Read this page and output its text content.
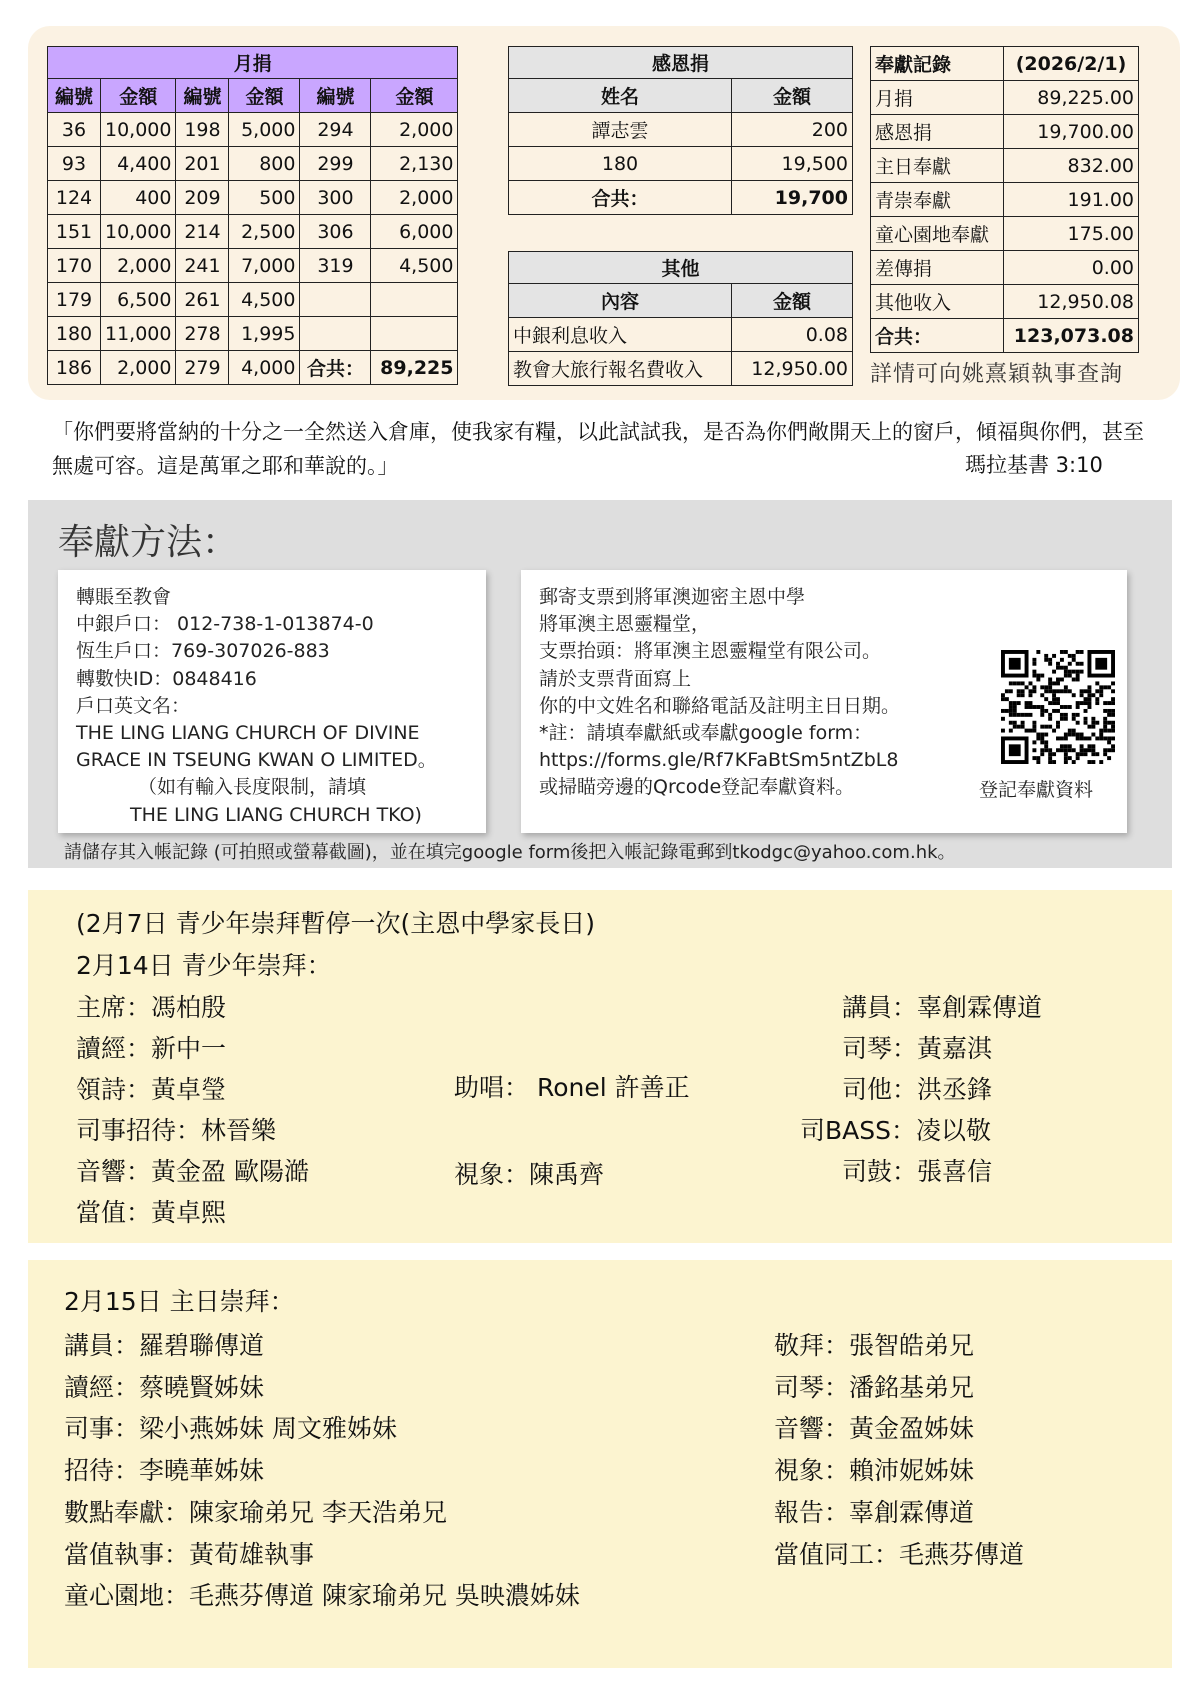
月捐					
編號	金額	編號	金額	編號	金額
36	10,000	198	5,000	294	2,000
93	4,400	201	800	299	2,130
124	400	209	500	300	2,000
151	10,000	214	2,500	306	6,000
170	2,000	241	7,000	319	4,500
179	6,500	261	4,500		
180	11,000	278	1,995		
186	2,000	279	4,000	合共：	89,225
感恩捐	
姓名	金額
譚志雲	200
180	19,500
合共：	19,700
其他	
內容	金額
中銀利息收入	0.08
教會大旅行報名費收入	12,950.00
奉獻記錄	(2026/2/1)
月捐	89,225.00
感恩捐	19,700.00
主日奉獻	832.00
青崇奉獻	191.00
童心園地奉獻	175.00
差傳捐	0.00
其他收入	12,950.08
合共：	123,073.08
詳情可向姚熹穎執事查詢
「你們要將當納的十分之一全然送入倉庫，使我家有糧，以此試試我，是否為你們敞開天上的窗戶，傾福與你們，甚至無處可容。這是萬軍之耶和華說的。」	瑪拉基書 3:10
奉獻方法：
轉賬至教會
中銀戶口： 012-738-1-013874-0
恆生戶口：769-307026-883
轉數快ID：0848416
戶口英文名：
THE LING LIANG CHURCH OF DIVINE
GRACE IN TSEUNG KWAN O LIMITED。
（如有輸入長度限制，請填
THE LING LIANG CHURCH TKO)
郵寄支票到將軍澳迦密主恩中學
將軍澳主恩靈糧堂，
支票抬頭：將軍澳主恩靈糧堂有限公司。
請於支票背面寫上
你的中文姓名和聯絡電話及註明主日日期。
*註：請填奉獻紙或奉獻google form：
https://forms.gle/Rf7KFaBtSm5ntZbL8
或掃瞄旁邊的Qrcode登記奉獻資料。	登記奉獻資料
請儲存其入帳記錄 (可拍照或螢幕截圖)，並在填完google form後把入帳記錄電郵到tkodgc@yahoo.com.hk。
(2月7日 青少年崇拜暫停一次(主恩中學家長日)
2月14日 青少年崇拜：
主席：馮柏殷
讀經：新中一
領詩：黃卓瑩
司事招待：林晉樂
音響：黃金盈 歐陽澔
當值：黃卓熙
助唱： Ronel 許善正
視象：陳禹齊
講員：辜創霖傳道
司琴：黃嘉淇
司他：洪丞鋒
司BASS：凌以敬
司鼓：張喜信
2月15日 主日崇拜：
講員：羅碧聯傳道
讀經：蔡曉賢姊妹
司事：梁小燕姊妹 周文雅姊妹
招待：李曉華姊妹
數點奉獻：陳家瑜弟兄 李天浩弟兄
當值執事：黃荀雄執事
童心園地：毛燕芬傳道 陳家瑜弟兄 吳映濃姊妹
敬拜：張智皓弟兄
司琴：潘銘基弟兄
音響：黃金盈姊妹
視象：賴沛妮姊妹
報告：辜創霖傳道
當值同工：毛燕芬傳道
